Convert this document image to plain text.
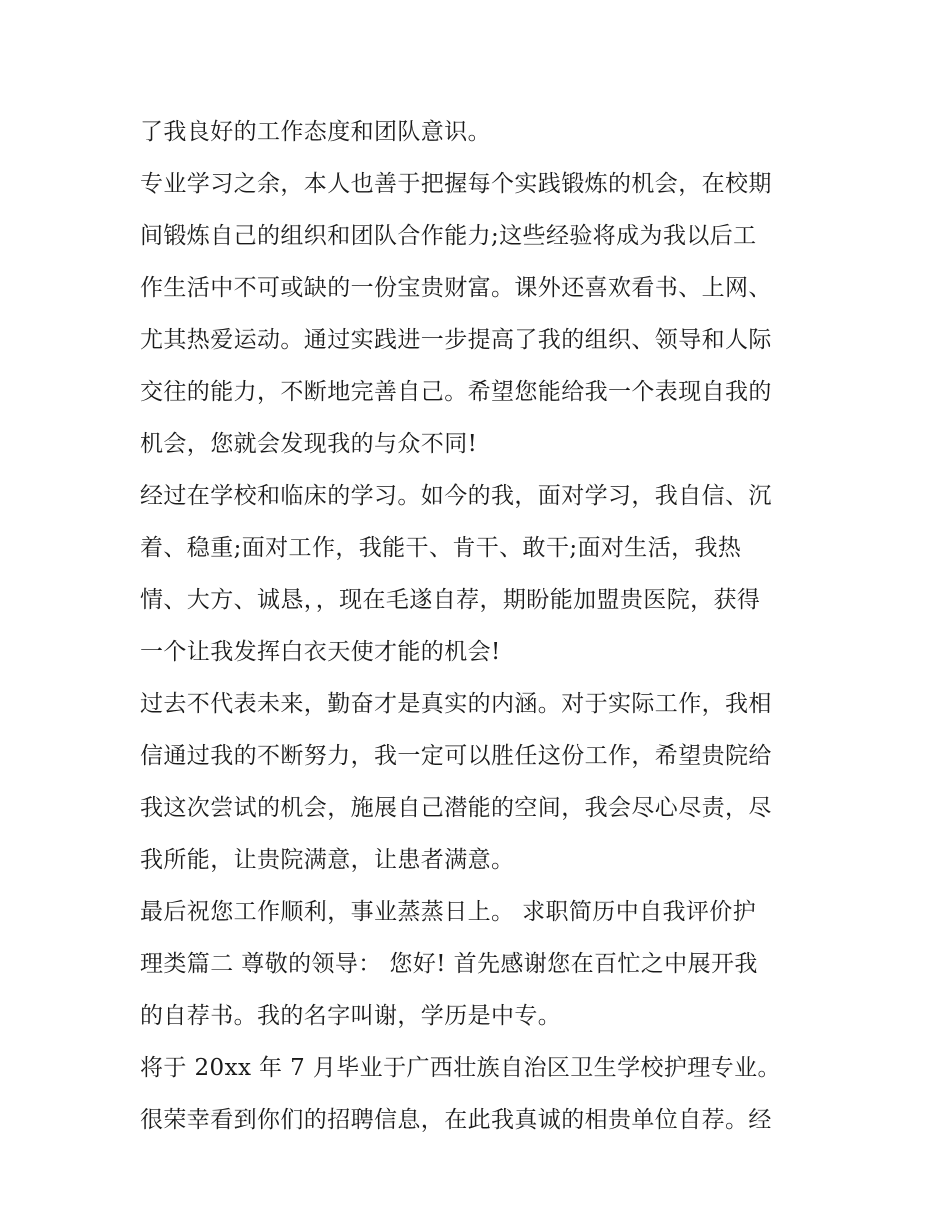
了我良好的工作态度和团队意识。
专业学习之余，本人也善于把握每个实践锻炼的机会，在校期
间锻炼自己的组织和团队合作能力;这些经验将成为我以后工
作生活中不可或缺的一份宝贵财富。课外还喜欢看书、上网、
尤其热爱运动。通过实践进一步提高了我的组织、领导和人际
交往的能力，不断地完善自己。希望您能给我一个表现自我的
机会，您就会发现我的与众不同!
经过在学校和临床的学习。如今的我，面对学习，我自信、沉
着、稳重;面对工作，我能干、肯干、敢干;面对生活，我热
情、大方、诚恳，，现在毛遂自荐，期盼能加盟贵医院，获得
一个让我发挥白衣天使才能的机会!
过去不代表未来，勤奋才是真实的内涵。对于实际工作，我相
信通过我的不断努力，我一定可以胜任这份工作，希望贵院给
我这次尝试的机会，施展自己潜能的空间，我会尽心尽责，尽
我所能，让贵院满意，让患者满意。
最后祝您工作顺利，事业蒸蒸日上。 求职简历中自我评价护
理类篇二 尊敬的领导： 您好! 首先感谢您在百忙之中展开我
的自荐书。我的名字叫谢，学历是中专。
将于 20xx 年 7 月毕业于广西壮族自治区卫生学校护理专业。
很荣幸看到你们的招聘信息，在此我真诚的相贵单位自荐。经
